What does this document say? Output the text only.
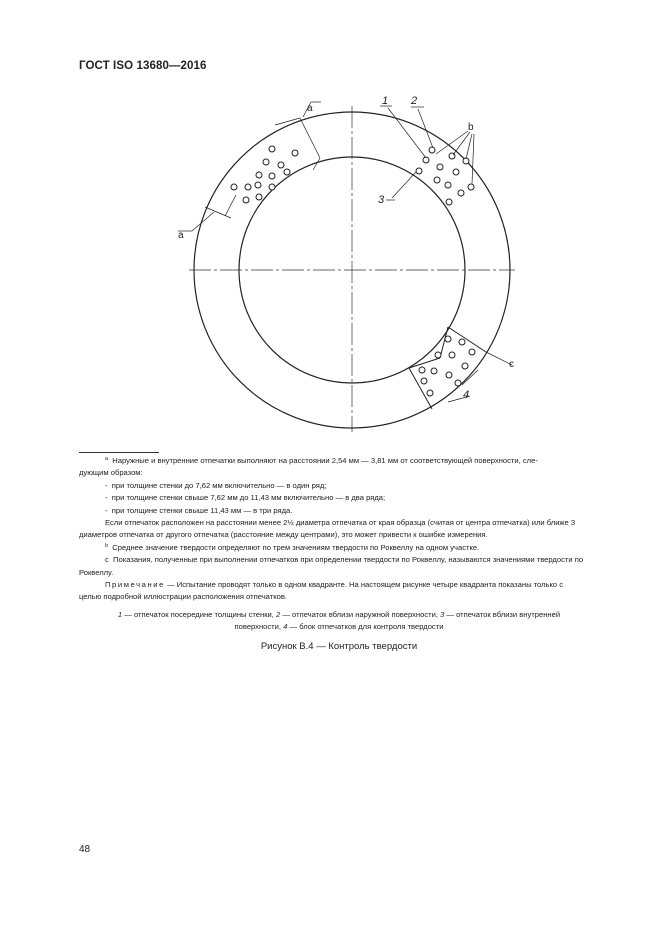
ГОСТ ISO 13680—2016
a
a
b
c
1 2
3
4

$^a$ Наружные и внутренние отпечатки выполняют на расстоянии 2,54 мм — 3,81 мм от соответствующей поверхности, сле-

дующим образом:

- при толщине стенки до 7,62 мм включительно — в один ряд;

- при толщине стенки свыше 7,62 мм до 11,43 мм включительно — в два ряда;

- при толщине стенки свыше 11,43 мм — в три ряда.

Если отпечаток расположен на расстоянии менее 2½ диаметра отпечатка от края образца (считая от центра отпечатка) или ближе 3 диаметров отпечатка от другого отпечатка (расстояние между центрами), это может привести к ошибке измерения.

$^b$ Среднее значение твердости определяют по трем значениям твердости по Роквеллу на одном участке.

c Показания, полученные при выполнении отпечатков при определении твердости по Роквеллу, называются значениями твердости по Роквеллу.

Примечание — Испытание проводят только в одном квадранте. На настоящем рисунке четыре квадранта показаны только с целью подробной иллюстрации расположения отпечатков.

1 — отпечаток посередине толщины стенки, 2 — отпечаток вблизи наружной поверхности, 3 — отпечаток вблизи внутренней
поверхности, 4 — блок отпечатков для контроля твердости
Рисунок В.4 — Контроль твердости
48
